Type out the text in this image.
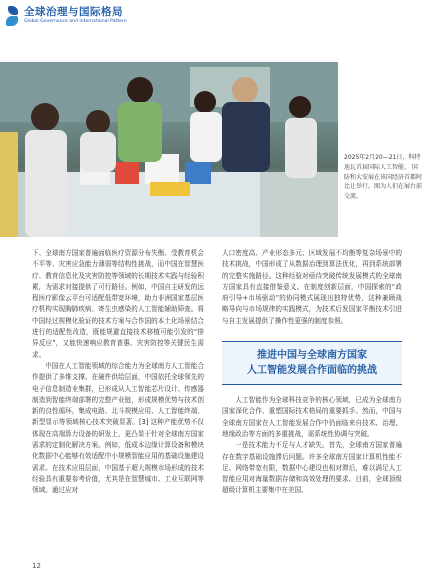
全球治理与国际格局
Global Governance and International Pattern
2025年2月20—21日，科特迪瓦首届国际人工智能、 国防和大安展在该国经济首都阿比让举行。图为人们在展台前交流。

下、全球南方国家普遍面临医疗资源分布失衡、受教育机会不平等、灾害应急能力薄弱等结构性挑战，而中国在智慧医疗、教育信息化及灾害防控等领域的长期技术实践与经验积累，为需求对接提供了可行路径。例如，中国自主研发的远程医疗影像云平台可适配低带宽环境，助力非洲国家基层医疗机构实现胸肺疾病、寄生虫感染的人工智能辅助筛查。将中国经过规模化验证的技术方案与合作国的本土化场景结合进行的适配性改造，既能规避直接技术移植可能引发的“排异反应”，又能快速响应教育普惠、灾害防控等关键民生需求。

中国在人工智能领域的综合能力为全球南方人工智能合作提供了多维支撑。在硬件供给层面，中国依托全球领先的电子信息制造业集群，已形成从人工智能芯片设计、传感器制造到智能终端部署的完整产业链，形成规模优势与技术创新的良性循环，集成电路、北斗规模应用、人工智能终端、新型显示等领域核心技术突破显著。[3] 这种产能优势不仅体现在高端算力设备的研发上，更凸显于针对全球南方国家需求的定制化解决方案。例如，低成本边缘计算设备和模块化数据中心能够有效适配中小规模智能应用的基础设施建设需求。在技术应用层面，中国基于超大规模市场形成的技术经验具有重要参考价值，尤其是在智慧城市、工业互联网等领域。通过应对

人口密度高、产业形态多元、区域发展不均衡等复杂场景中的技术挑战，中国形成了从数据治理到算法优化，再到系统部署的完整实施路径。这种经验对亟待突破传统发展模式的全球南方国家具有直接借鉴意义。在制度创新层面，中国探索的“政府引导+市场驱动”的协同模式展现出独特优势，这种兼顾战略导向与市场规律的实践模式，为技术后发国家平衡技术引进与自主发展提供了操作性更强的制度参照。

推进中国与全球南方国家
人工智能发展合作面临的挑战

人工智能作为全球科技竞争的核心领域，已成为全球南方国家深化合作、重塑国际技术格局的重要抓手。然而，中国与全球南方国家在人工智能发展合作中仍面临来自技术、治理、地缘政治等方面的多重挑战，需系统性协调与突破。

一是技术能力不足与人才缺失。首先，全球南方国家普遍存在数字基础设施滞后问题。许多全球南方国家计算机性能不足、网络带宽有限，数据中心建设也相对滞后，难以满足人工智能应用对海量数据存储和高效处理的要求。目前，全球顶级超级计算机主要集中在美国、

12
